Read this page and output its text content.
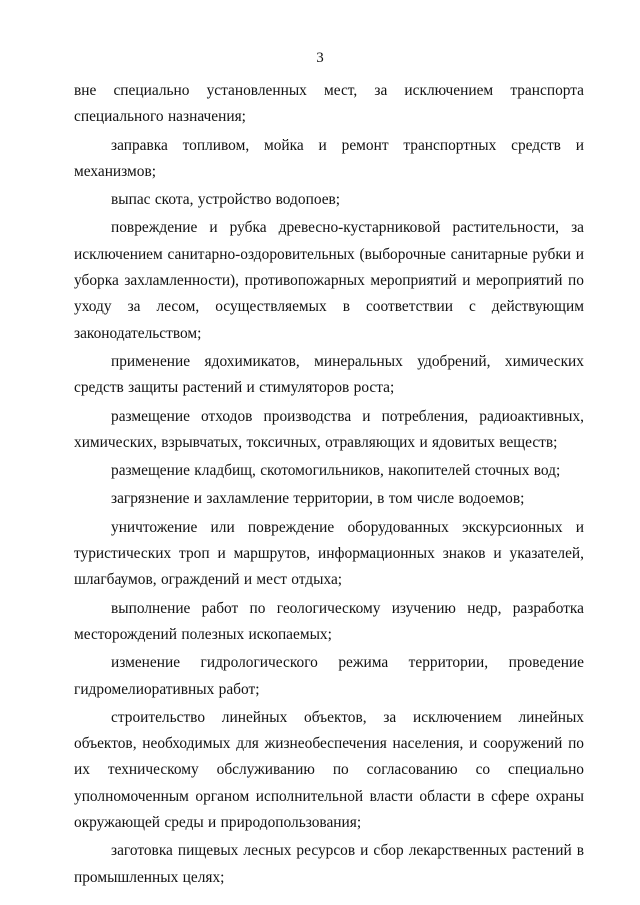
3

вне специально установленных мест, за исключением транспорта специального назначения;

заправка топливом, мойка и ремонт транспортных средств и механизмов;

выпас скота, устройство водопоев;

повреждение и рубка древесно-кустарниковой растительности, за исключением санитарно-оздоровительных (выборочные санитарные рубки и уборка захламленности), противопожарных мероприятий и мероприятий по уходу за лесом, осуществляемых в соответствии с действующим законодательством;

применение ядохимикатов, минеральных удобрений, химических средств защиты растений и стимуляторов роста;

размещение отходов производства и потребления, радиоактивных, химических, взрывчатых, токсичных, отравляющих и ядовитых веществ;

размещение кладбищ, скотомогильников, накопителей сточных вод;

загрязнение и захламление территории, в том числе водоемов;

уничтожение или повреждение оборудованных экскурсионных и туристических троп и маршрутов, информационных знаков и указателей, шлагбаумов, ограждений и мест отдыха;

выполнение работ по геологическому изучению недр, разработка месторождений полезных ископаемых;

изменение гидрологического режима территории, проведение гидромелиоративных работ;

строительство линейных объектов, за исключением линейных объектов, необходимых для жизнеобеспечения населения, и сооружений по их техническому обслуживанию по согласованию со специально уполномоченным органом исполнительной власти области в сфере охраны окружающей среды и природопользования;

заготовка пищевых лесных ресурсов и сбор лекарственных растений в промышленных целях;
